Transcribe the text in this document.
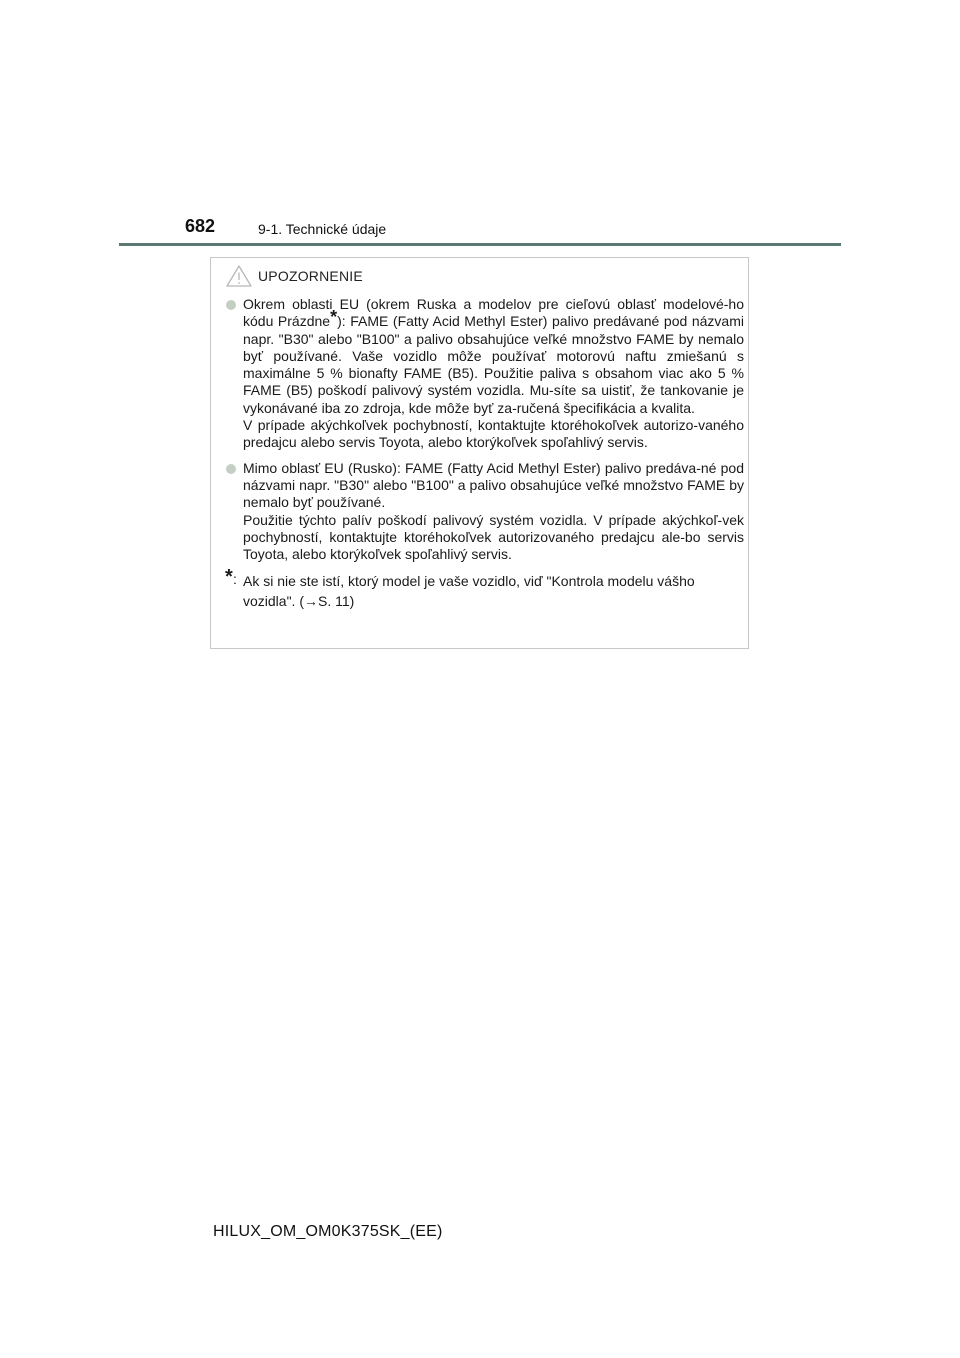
682	9-1. Technické údaje
UPOZORNENIE
Okrem oblasti EU (okrem Ruska a modelov pre cieľovú oblasť modelové-ho kódu Prázdne*): FAME (Fatty Acid Methyl Ester) palivo predávané pod názvami napr. "B30" alebo "B100" a palivo obsahujúce veľké množstvo FAME by nemalo byť používané. Vaše vozidlo môže používať motorovú naftu zmiešanú s maximálne 5 % bionafty FAME (B5). Použitie paliva s obsahom viac ako 5 % FAME (B5) poškodí palivový systém vozidla. Mu-síte sa uistiť, že tankovanie je vykonávané iba zo zdroja, kde môže byť za-ručená špecifikácia a kvalita.
V prípade akýchkoľvek pochybností, kontaktujte ktoréhokoľvek autorizo-vaného predajcu alebo servis Toyota, alebo ktorýkoľvek spoľahlivý servis.
Mimo oblasť EU (Rusko): FAME (Fatty Acid Methyl Ester) palivo predáva-né pod názvami napr. "B30" alebo "B100" a palivo obsahujúce veľké množstvo FAME by nemalo byť používané.
Použitie týchto palív poškodí palivový systém vozidla. V prípade akýchkoľ-vek pochybností, kontaktujte ktoréhokoľvek autorizovaného predajcu ale-bo servis Toyota, alebo ktorýkoľvek spoľahlivý servis.
* : Ak si nie ste istí, ktorý model je vaše vozidlo, viď "Kontrola modelu vášho vozidla". (→S. 11)
HILUX_OM_OM0K375SK_(EE)
